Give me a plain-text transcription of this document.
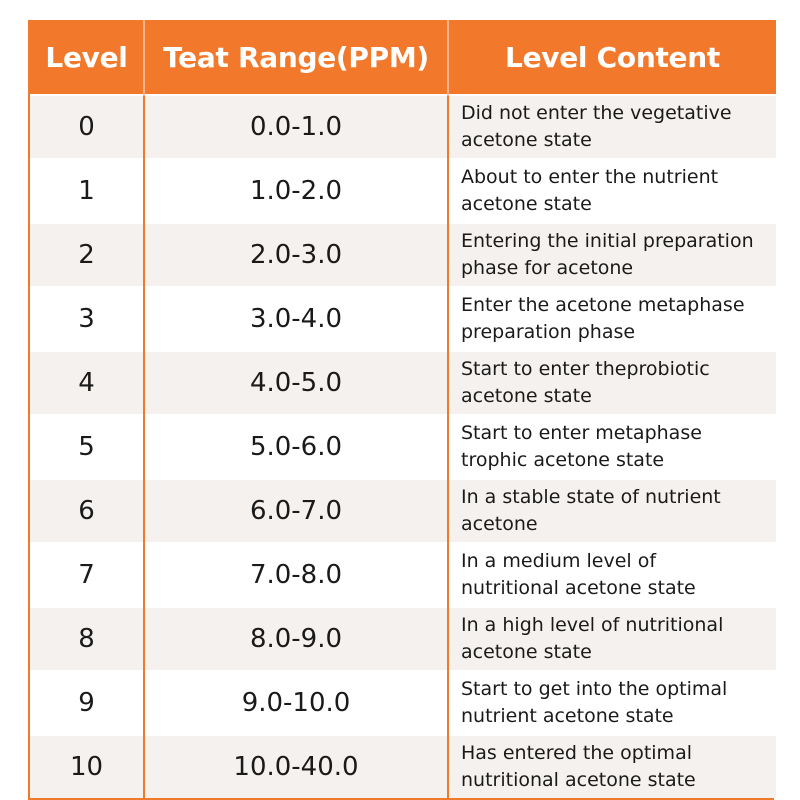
Level	Teat Range(PPM)	Level Content
0	0.0-1.0	Did not enter the vegetative
acetone state

1	1.0-2.0	About to enter the nutrient
acetone state

2	2.0-3.0	Entering the initial preparation
phase for acetone

3	3.0-4.0	Enter the acetone metaphase
preparation phase

4	4.0-5.0	Start to enter theprobiotic
acetone state

5	5.0-6.0	Start to enter metaphase
trophic acetone state

6	6.0-7.0	In a stable state of nutrient
acetone

7	7.0-8.0	In a medium level of
nutritional acetone state

8	8.0-9.0	In a high level of nutritional
acetone state

9	9.0-10.0	Start to get into the optimal
nutrient acetone state

10	10.0-40.0	Has entered the optimal
nutritional acetone state
